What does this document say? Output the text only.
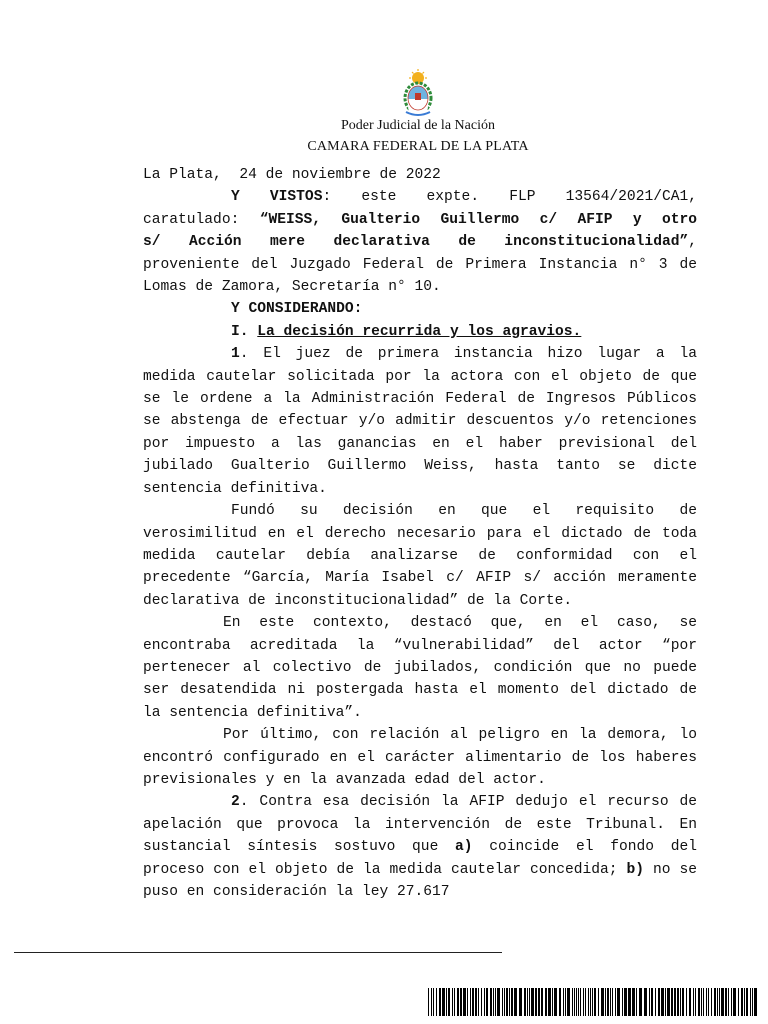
Poder Judicial de la Nación
CAMARA FEDERAL DE LA PLATA

La Plata,  24 de noviembre de 2022

Y VISTOS: este expte. FLP 13564/2021/CA1,

caratulado: “WEISS, Gualterio Guillermo c/ AFIP y otro

s/ Acción mere declarativa de inconstitucionalidad”,

proveniente del Juzgado Federal de Primera Instancia n° 3 de Lomas de Zamora, Secretaría n° 10.

Y CONSIDERANDO:

I. La decisión recurrida y los agravios.

1. El juez de primera instancia hizo lugar a la medida cautelar solicitada por la actora con el objeto de que se le ordene a la Administración Federal de Ingresos Públicos se abstenga de efectuar y/o admitir descuentos y/o retenciones por impuesto a las ganancias en el haber previsional del jubilado Gualterio Guillermo Weiss, hasta tanto se dicte sentencia definitiva.

Fundó su decisión en que el requisito de verosimilitud en el derecho necesario para el dictado de toda medida cautelar debía analizarse de conformidad con el precedente “García, María Isabel c/ AFIP s/ acción meramente declarativa de inconstitucionalidad” de la Corte.

En este contexto, destacó que, en el caso, se encontraba acreditada la “vulnerabilidad” del actor “por pertenecer al colectivo de jubilados, condición que no puede ser desatendida ni postergada hasta el momento del dictado de la sentencia definitiva”.

Por último, con relación al peligro en la demora, lo encontró configurado en el carácter alimentario de los haberes previsionales y en la avanzada edad del actor.

2. Contra esa decisión la AFIP dedujo el recurso de apelación que provoca la intervención de este Tribunal. En sustancial síntesis sostuvo que a) coincide el fondo del proceso con el objeto de la medida cautelar concedida; b) no se puso en consideración la ley 27.617
